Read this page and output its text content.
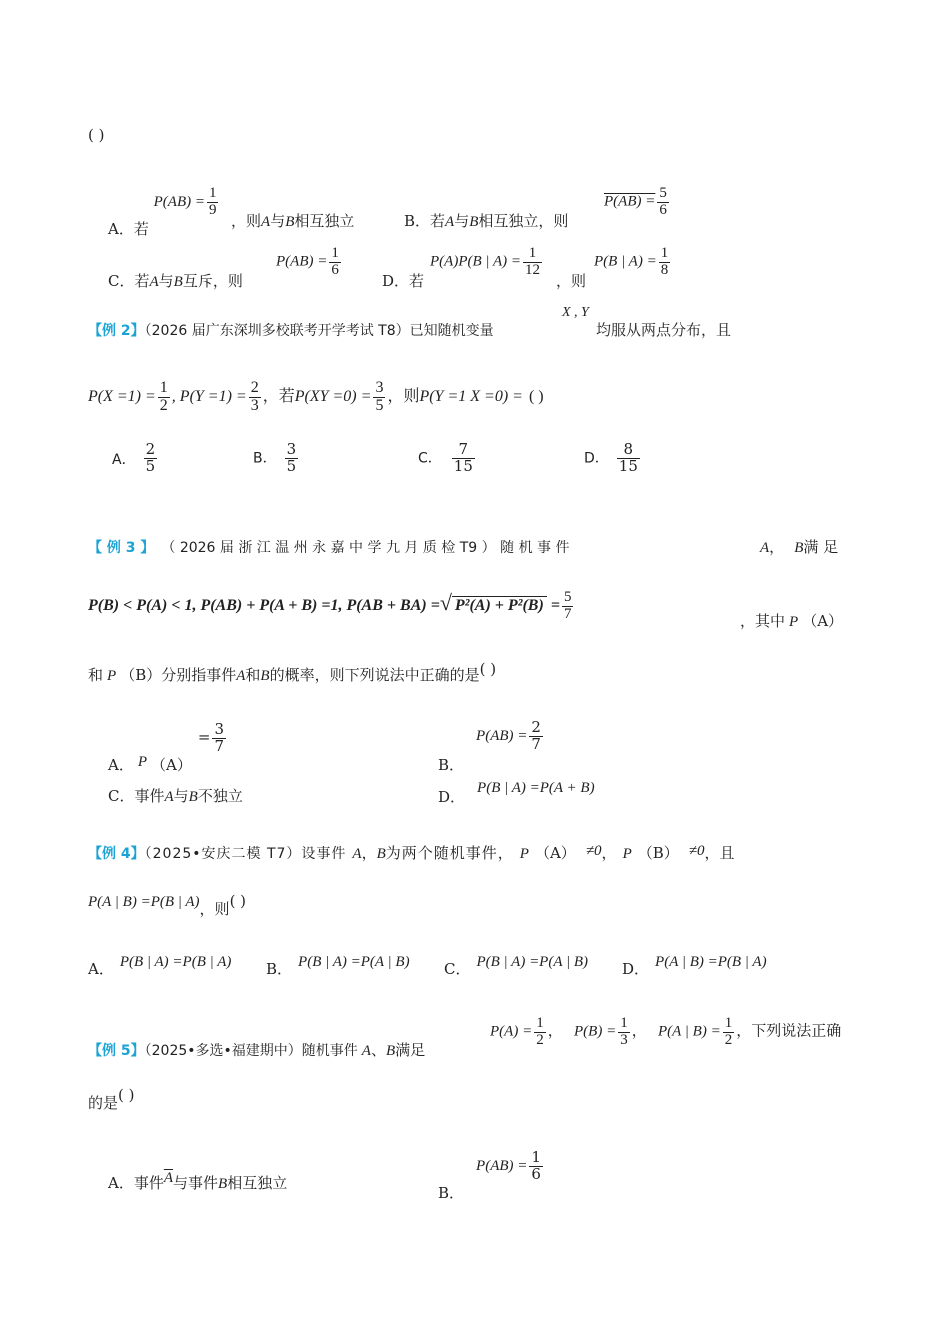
( )
A．若 $P(AB) = \frac{1}{9}$
，则A与B相互独立	B．若A与B相互独立，则
$P(AB) = \frac{5}{6}$
C．若A与B互斥，则
$P(AB) = \frac{1}{6}$
D．若
P(A)P(B | $A) = \frac{1}{12}$
，则
P(B | $A) = \frac{1}{8}$
【例 2】（2026 届广东深圳多校联考开学考试 T8）已知随机变量
X , Y
均服从两点分布，且
$P(X =1) = \frac{1}{2}$ , $P(Y =1) = \frac{2}{3}$ ，若$P(XY =0) = \frac{3}{5}$ ，则P(Y =1 X =0) = ( )
A． $\frac{2}{5}$	B． $\frac{3}{5}$	C． $\frac{7}{15}$	D． $\frac{8}{15}$
【 例 3 】 （ 2026 届 浙 江 温 州 永 嘉 中 学 九 月 质 检 T9 ） 随 机 事 件	A， B满 足
P(B) < P(A) < 1, P(AB) + P(A + B) =1, P(AB + BA) =√ $P^2(A) + P^2(B) = \frac{5}{7}$	，其中 P （A）
和 P （B）分别指事件A和B的概率，则下列说法中正确的是( )
A． P $(A)= \frac{3}{7}$
B．$P(AB) = \frac{2}{7}$
C．事件A与B不独立	D． P(B | A) =P(A + B)
【例 4】（2025•安庆二模 T7）设事件 A，B为两个随机事件， P （A） ≠0， P （B） ≠0，且
P(A | B) =P(B | A)，则( )
A． P(B | A) =P(B | A) B． P(B | A) =P(A | B) C． P(B | A) =P(A | B) D． P(A | B) =P(B | A)
【例 5】（2025•多选•福建期中）随机事件 A、B满足
$P(A) = \frac{1}{2}$ ， $P(B) = \frac{1}{3}$ ， P(A | $B) = \frac{1}{2}$ ，下列说法正确
的是( )
A．事件$\overline{A}$与事件B相互独立
B．$P(AB) = \frac{1}{6}$
